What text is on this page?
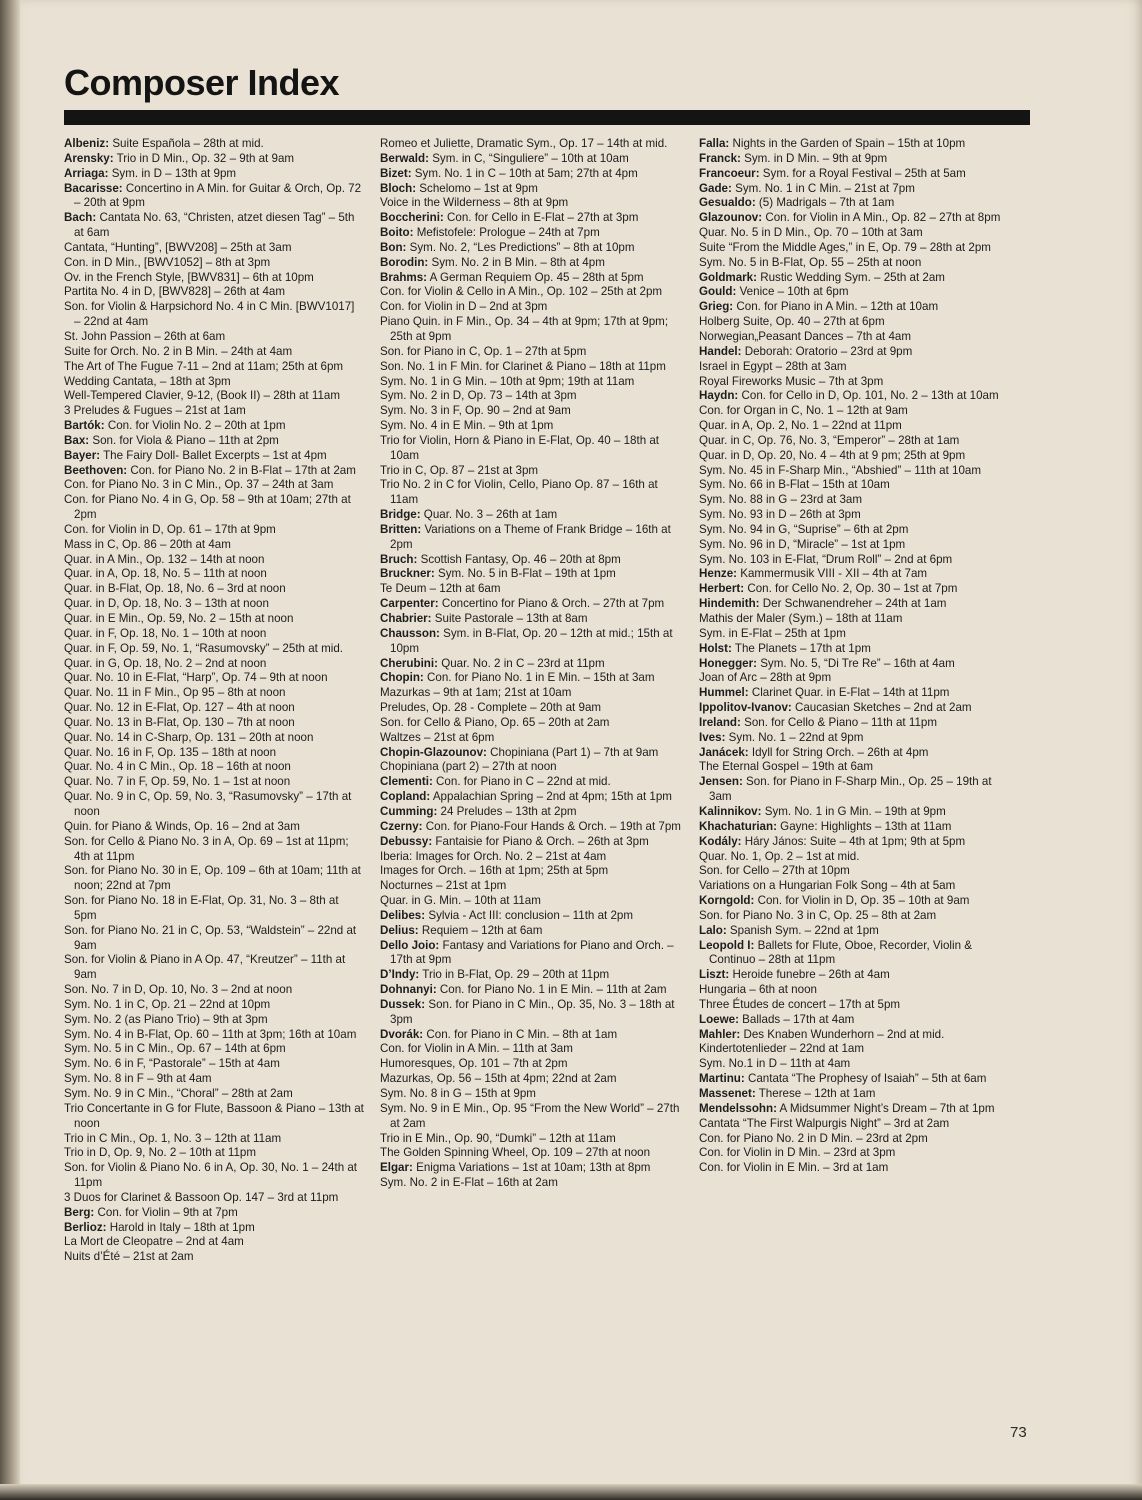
Composer Index
Albeniz: Suite Española – 28th at mid.
Arensky: Trio in D Min., Op. 32 – 9th at 9am
Arriaga: Sym. in D – 13th at 9pm
Bacarisse: Concertino in A Min. for Guitar & Orch, Op. 72 – 20th at 9pm
Bach: Cantata No. 63, “Christen, atzet diesen Tag” – 5th at 6am
Cantata, “Hunting”, [BWV208] – 25th at 3am
Con. in D Min., [BWV1052] – 8th at 3pm
Ov. in the French Style, [BWV831] – 6th at 10pm
Partita No. 4 in D, [BWV828] – 26th at 4am
Son. for Violin & Harpsichord No. 4 in C Min. [BWV1017] – 22nd at 4am
St. John Passion – 26th at 6am
Suite for Orch. No. 2 in B Min. – 24th at 4am
The Art of The Fugue 7-11 – 2nd at 11am; 25th at 6pm
Wedding Cantata, – 18th at 3pm
Well-Tempered Clavier, 9-12, (Book II) – 28th at 11am
3 Preludes & Fugues – 21st at 1am
Bartók: Con. for Violin No. 2 – 20th at 1pm
Bax: Son. for Viola & Piano – 11th at 2pm
Bayer: The Fairy Doll- Ballet Excerpts – 1st at 4pm
Beethoven: Con. for Piano No. 2 in B-Flat – 17th at 2am
Con. for Piano No. 3 in C Min., Op. 37 – 24th at 3am
Con. for Piano No. 4 in G, Op. 58 – 9th at 10am; 27th at 2pm
Con. for Violin in D, Op. 61 – 17th at 9pm
Mass in C, Op. 86 – 20th at 4am
Quar. in A Min., Op. 132 – 14th at noon
Quar. in A, Op. 18, No. 5 – 11th at noon
Quar. in B-Flat, Op. 18, No. 6 – 3rd at noon
Quar. in D, Op. 18, No. 3 – 13th at noon
Quar. in E Min., Op. 59, No. 2 – 15th at noon
Quar. in F, Op. 18, No. 1 – 10th at noon
Quar. in F, Op. 59, No. 1, “Rasumovsky” – 25th at mid.
Quar. in G, Op. 18, No. 2 – 2nd at noon
Quar. No. 10 in E-Flat, “Harp”, Op. 74 – 9th at noon
Quar. No. 11 in F Min., Op 95 – 8th at noon
Quar. No. 12 in E-Flat, Op. 127 – 4th at noon
Quar. No. 13 in B-Flat, Op. 130 – 7th at noon
Quar. No. 14 in C-Sharp, Op. 131 – 20th at noon
Quar. No. 16 in F, Op. 135 – 18th at noon
Quar. No. 4 in C Min., Op. 18 – 16th at noon
Quar. No. 7 in F, Op. 59, No. 1 – 1st at noon
Quar. No. 9 in C, Op. 59, No. 3, “Rasumovsky” – 17th at noon
Quin. for Piano & Winds, Op. 16 – 2nd at 3am
Son. for Cello & Piano No. 3 in A, Op. 69 – 1st at 11pm; 4th at 11pm
Son. for Piano No. 30 in E, Op. 109 – 6th at 10am; 11th at noon; 22nd at 7pm
Son. for Piano No. 18 in E-Flat, Op. 31, No. 3 – 8th at 5pm
Son. for Piano No. 21 in C, Op. 53, “Waldstein” – 22nd at 9am
Son. for Violin & Piano in A Op. 47, “Kreutzer” – 11th at 9am
Son. No. 7 in D, Op. 10, No. 3 – 2nd at noon
Sym. No. 1 in C, Op. 21 – 22nd at 10pm
Sym. No. 2 (as Piano Trio) – 9th at 3pm
Sym. No. 4 in B-Flat, Op. 60 – 11th at 3pm; 16th at 10am
Sym. No. 5 in C Min., Op. 67 – 14th at 6pm
Sym. No. 6 in F, “Pastorale” – 15th at 4am
Sym. No. 8 in F – 9th at 4am
Sym. No. 9 in C Min., “Choral” – 28th at 2am
Trio Concertante in G for Flute, Bassoon & Piano – 13th at noon
Trio in C Min., Op. 1, No. 3 – 12th at 11am
Trio in D, Op. 9, No. 2 – 10th at 11pm
Son. for Violin & Piano No. 6 in A, Op. 30, No. 1 – 24th at 11pm
3 Duos for Clarinet & Bassoon Op. 147 – 3rd at 11pm
Berg: Con. for Violin – 9th at 7pm
Berlioz: Harold in Italy – 18th at 1pm
La Mort de Cleopatre – 2nd at 4am
Nuits d’Été – 21st at 2am
Romeo et Juliette, Dramatic Sym., Op. 17 – 14th at mid.
Berwald: Sym. in C, “Singuliere” – 10th at 10am
Bizet: Sym. No. 1 in C – 10th at 5am; 27th at 4pm
Bloch: Schelomo – 1st at 9pm
Voice in the Wilderness – 8th at 9pm
Boccherini: Con. for Cello in E-Flat – 27th at 3pm
Boito: Mefistofele: Prologue – 24th at 7pm
Bon: Sym. No. 2, “Les Predictions” – 8th at 10pm
Borodin: Sym. No. 2 in B Min. – 8th at 4pm
Brahms: A German Requiem Op. 45 – 28th at 5pm
Con. for Violin & Cello in A Min., Op. 102 – 25th at 2pm
Con. for Violin in D – 2nd at 3pm
Piano Quin. in F Min., Op. 34 – 4th at 9pm; 17th at 9pm; 25th at 9pm
Son. for Piano in C, Op. 1 – 27th at 5pm
Son. No. 1 in F Min. for Clarinet & Piano – 18th at 11pm
Sym. No. 1 in G Min. – 10th at 9pm; 19th at 11am
Sym. No. 2 in D, Op. 73 – 14th at 3pm
Sym. No. 3 in F, Op. 90 – 2nd at 9am
Sym. No. 4 in E Min. – 9th at 1pm
Trio for Violin, Horn & Piano in E-Flat, Op. 40 – 18th at 10am
Trio in C, Op. 87 – 21st at 3pm
Trio No. 2 in C for Violin, Cello, Piano Op. 87 – 16th at 11am
Bridge: Quar. No. 3 – 26th at 1am
Britten: Variations on a Theme of Frank Bridge – 16th at 2pm
Bruch: Scottish Fantasy, Op. 46 – 20th at 8pm
Bruckner: Sym. No. 5 in B-Flat – 19th at 1pm
Te Deum – 12th at 6am
Carpenter: Concertino for Piano & Orch. – 27th at 7pm
Chabrier: Suite Pastorale – 13th at 8am
Chausson: Sym. in B-Flat, Op. 20 – 12th at mid.; 15th at 10pm
Cherubini: Quar. No. 2 in C – 23rd at 11pm
Chopin: Con. for Piano No. 1 in E Min. – 15th at 3am
Mazurkas – 9th at 1am; 21st at 10am
Preludes, Op. 28 - Complete – 20th at 9am
Son. for Cello & Piano, Op. 65 – 20th at 2am
Waltzes – 21st at 6pm
Chopin-Glazounov: Chopiniana (Part 1) – 7th at 9am
Chopiniana (part 2) – 27th at noon
Clementi: Con. for Piano in C – 22nd at mid.
Copland: Appalachian Spring – 2nd at 4pm; 15th at 1pm
Cumming: 24 Preludes – 13th at 2pm
Czerny: Con. for Piano-Four Hands & Orch. – 19th at 7pm
Debussy: Fantaisie for Piano & Orch. – 26th at 3pm
Iberia: Images for Orch. No. 2 – 21st at 4am
Images for Orch. – 16th at 1pm; 25th at 5pm
Nocturnes – 21st at 1pm
Quar. in G. Min. – 10th at 11am
Delibes: Sylvia - Act III: conclusion – 11th at 2pm
Delius: Requiem – 12th at 6am
Dello Joio: Fantasy and Variations for Piano and Orch. – 17th at 9pm
D’Indy: Trio in B-Flat, Op. 29 – 20th at 11pm
Dohnanyi: Con. for Piano No. 1 in E Min. – 11th at 2am
Dussek: Son. for Piano in C Min., Op. 35, No. 3 – 18th at 3pm
Dvorák: Con. for Piano in C Min. – 8th at 1am
Con. for Violin in A Min. – 11th at 3am
Humoresques, Op. 101 – 7th at 2pm
Mazurkas, Op. 56 – 15th at 4pm; 22nd at 2am
Sym. No. 8 in G – 15th at 9pm
Sym. No. 9 in E Min., Op. 95 “From the New World” – 27th at 2am
Trio in E Min., Op. 90, “Dumki” – 12th at 11am
The Golden Spinning Wheel, Op. 109 – 27th at noon
Elgar: Enigma Variations – 1st at 10am; 13th at 8pm
Sym. No. 2 in E-Flat – 16th at 2am
Falla: Nights in the Garden of Spain – 15th at 10pm
Franck: Sym. in D Min. – 9th at 9pm
Francoeur: Sym. for a Royal Festival – 25th at 5am
Gade: Sym. No. 1 in C Min. – 21st at 7pm
Gesualdo: (5) Madrigals – 7th at 1am
Glazounov: Con. for Violin in A Min., Op. 82 – 27th at 8pm
Quar. No. 5 in D Min., Op. 70 – 10th at 3am
Suite “From the Middle Ages,” in E, Op. 79 – 28th at 2pm
Sym. No. 5 in B-Flat, Op. 55 – 25th at noon
Goldmark: Rustic Wedding Sym. – 25th at 2am
Gould: Venice – 10th at 6pm
Grieg: Con. for Piano in A Min. – 12th at 10am
Holberg Suite, Op. 40 – 27th at 6pm
Norwegian„Peasant Dances – 7th at 4am
Handel: Deborah: Oratorio – 23rd at 9pm
Israel in Egypt – 28th at 3am
Royal Fireworks Music – 7th at 3pm
Haydn: Con. for Cello in D, Op. 101, No. 2 – 13th at 10am
Con. for Organ in C, No. 1 – 12th at 9am
Quar. in A, Op. 2, No. 1 – 22nd at 11pm
Quar. in C, Op. 76, No. 3, “Emperor” – 28th at 1am
Quar. in D, Op. 20, No. 4 – 4th at 9 pm; 25th at 9pm
Sym. No. 45 in F-Sharp Min., “Abshied” – 11th at 10am
Sym. No. 66 in B-Flat – 15th at 10am
Sym. No. 88 in G – 23rd at 3am
Sym. No. 93 in D – 26th at 3pm
Sym. No. 94 in G, “Suprise” – 6th at 2pm
Sym. No. 96 in D, “Miracle” – 1st at 1pm
Sym. No. 103 in E-Flat, “Drum Roll” – 2nd at 6pm
Henze: Kammermusik VIII - XII – 4th at 7am
Herbert: Con. for Cello No. 2, Op. 30 – 1st at 7pm
Hindemith: Der Schwanendreher – 24th at 1am
Mathis der Maler (Sym.) – 18th at 11am
Sym. in E-Flat – 25th at 1pm
Holst: The Planets – 17th at 1pm
Honegger: Sym. No. 5, “Di Tre Re” – 16th at 4am
Joan of Arc – 28th at 9pm
Hummel: Clarinet Quar. in E-Flat – 14th at 11pm
Ippolitov-Ivanov: Caucasian Sketches – 2nd at 2am
Ireland: Son. for Cello & Piano – 11th at 11pm
Ives: Sym. No. 1 – 22nd at 9pm
Janácek: Idyll for String Orch. – 26th at 4pm
The Eternal Gospel – 19th at 6am
Jensen: Son. for Piano in F-Sharp Min., Op. 25 – 19th at 3am
Kalinnikov: Sym. No. 1 in G Min. – 19th at 9pm
Khachaturian: Gayne: Highlights – 13th at 11am
Kodály: Háry János: Suite – 4th at 1pm; 9th at 5pm
Quar. No. 1, Op. 2 – 1st at mid.
Son. for Cello – 27th at 10pm
Variations on a Hungarian Folk Song – 4th at 5am
Korngold: Con. for Violin in D, Op. 35 – 10th at 9am
Son. for Piano No. 3 in C, Op. 25 – 8th at 2am
Lalo: Spanish Sym. – 22nd at 1pm
Leopold I: Ballets for Flute, Oboe, Recorder, Violin & Continuo – 28th at 11pm
Liszt: Heroide funebre – 26th at 4am
Hungaria – 6th at noon
Three Études de concert – 17th at 5pm
Loewe: Ballads – 17th at 4am
Mahler: Des Knaben Wunderhorn – 2nd at mid.
Kindertotenlieder – 22nd at 1am
Sym. No.1 in D – 11th at 4am
Martinu: Cantata “The Prophesy of Isaiah” – 5th at 6am
Massenet: Therese – 12th at 1am
Mendelssohn: A Midsummer Night’s Dream – 7th at 1pm
Cantata “The First Walpurgis Night” – 3rd at 2am
Con. for Piano No. 2 in D Min. – 23rd at 2pm
Con. for Violin in D Min. – 23rd at 3pm
Con. for Violin in E Min. – 3rd at 1am
73
